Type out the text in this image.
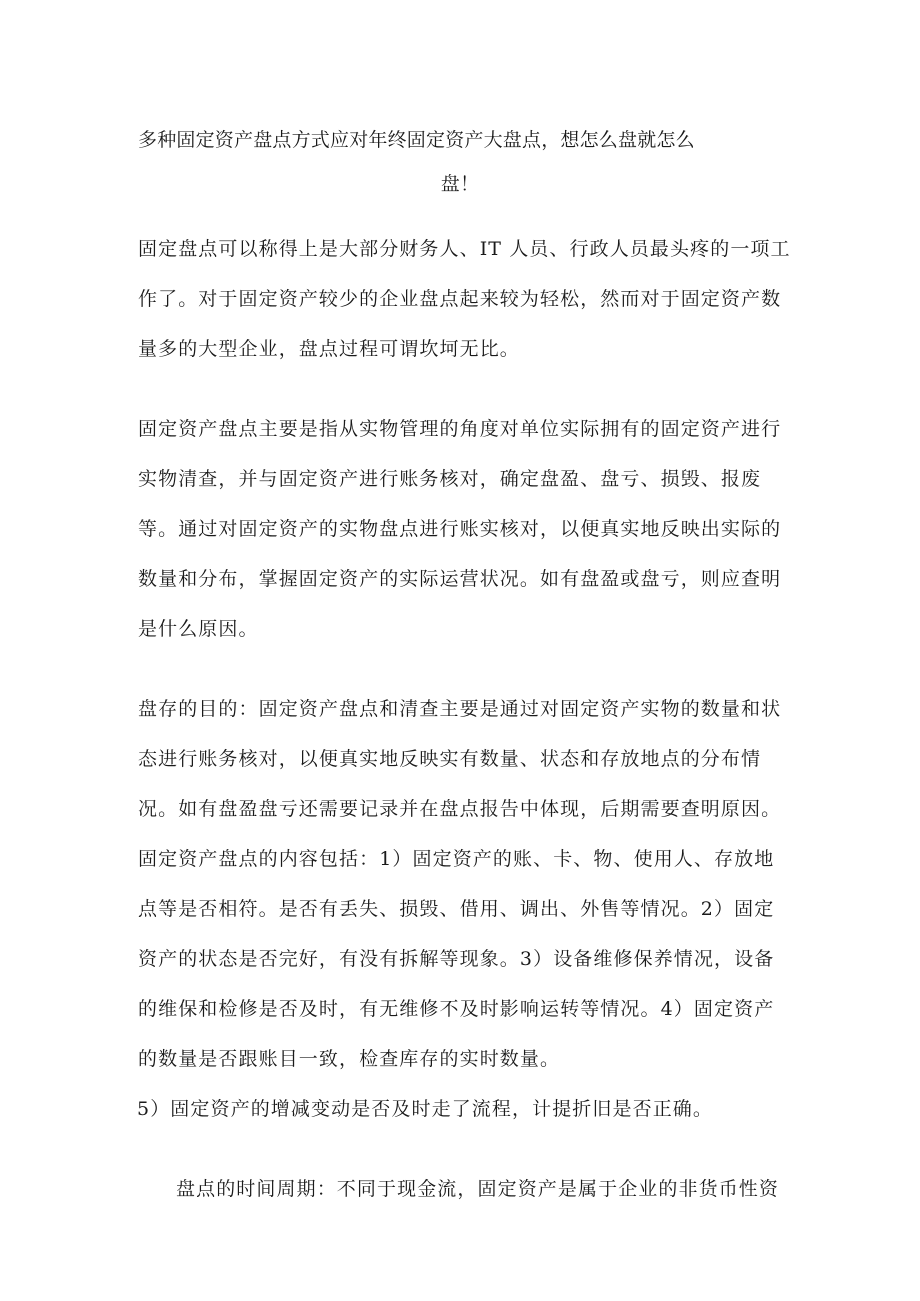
多种固定资产盘点方式应对年终固定资产大盘点，想怎么盘就怎么
盘！
固定盘点可以称得上是大部分财务人、IT 人员、行政人员最头疼的一项工
作了。对于固定资产较少的企业盘点起来较为轻松，然而对于固定资产数
量多的大型企业，盘点过程可谓坎坷无比。
固定资产盘点主要是指从实物管理的角度对单位实际拥有的固定资产进行
实物清查，并与固定资产进行账务核对，确定盘盈、盘亏、损毁、报废
等。通过对固定资产的实物盘点进行账实核对，以便真实地反映出实际的
数量和分布，掌握固定资产的实际运营状况。如有盘盈或盘亏，则应查明
是什么原因。
盘存的目的：固定资产盘点和清查主要是通过对固定资产实物的数量和状
态进行账务核对，以便真实地反映实有数量、状态和存放地点的分布情
况。如有盘盈盘亏还需要记录并在盘点报告中体现，后期需要查明原因。
固定资产盘点的内容包括：1）固定资产的账、卡、物、使用人、存放地
点等是否相符。是否有丢失、损毁、借用、调出、外售等情况。2）固定
资产的状态是否完好，有没有拆解等现象。3）设备维修保养情况，设备
的维保和检修是否及时，有无维修不及时影响运转等情况。4）固定资产
的数量是否跟账目一致，检查库存的实时数量。
5）固定资产的增减变动是否及时走了流程，计提折旧是否正确。
盘点的时间周期：不同于现金流，固定资产是属于企业的非货币性资
